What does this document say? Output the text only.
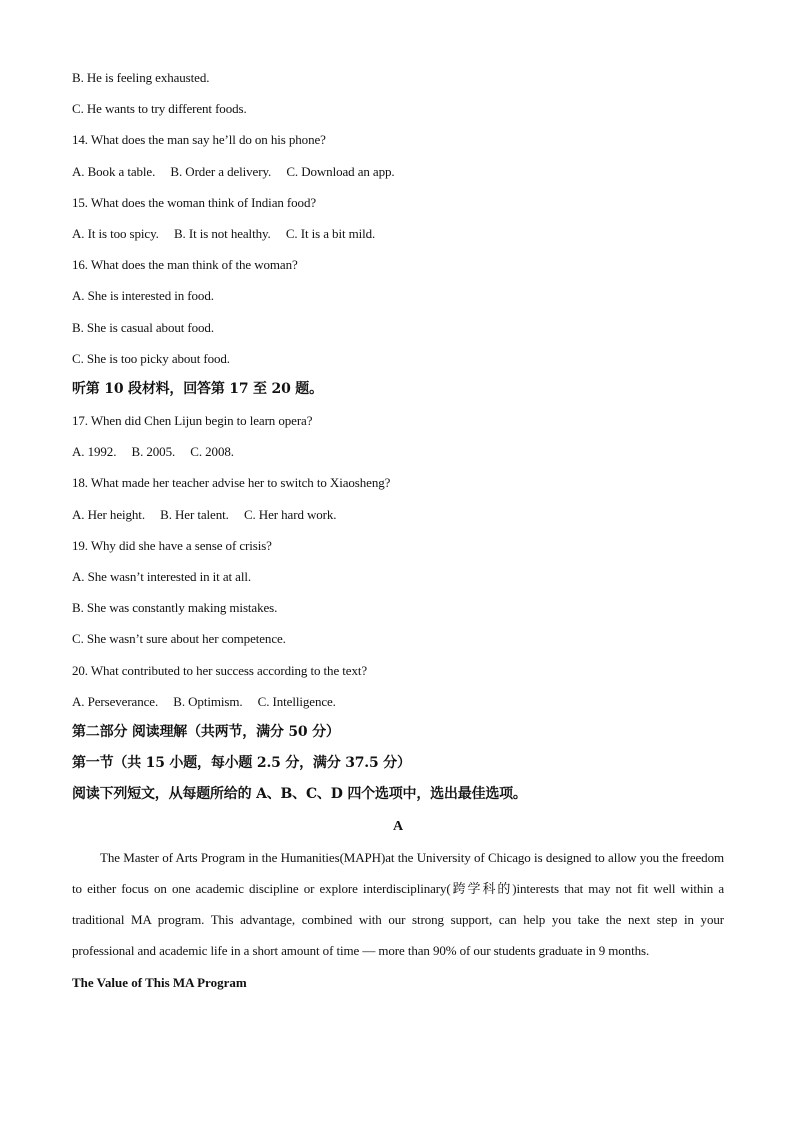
B. He is feeling exhausted.
C. He wants to try different foods.
14. What does the man say he’ll do on his phone?
A. Book a table. B. Order a delivery. C. Download an app.
15. What does the woman think of Indian food?
A. It is too spicy. B. It is not healthy. C. It is a bit mild.
16. What does the man think of the woman?
A. She is interested in food.
B. She is casual about food.
C. She is too picky about food.
听第 10 段材料，回答第 17 至 20 题。
17. When did Chen Lijun begin to learn opera?
A. 1992. B. 2005. C. 2008.
18. What made her teacher advise her to switch to Xiaosheng?
A. Her height. B. Her talent. C. Her hard work.
19. Why did she have a sense of crisis?
A. She wasn’t interested in it at all.
B. She was constantly making mistakes.
C. She wasn’t sure about her competence.
20. What contributed to her success according to the text?
A. Perseverance. B. Optimism. C. Intelligence.
第二部分 阅读理解（共两节，满分 50 分）
第一节（共 15 小题，每小题 2.5 分，满分 37.5 分）
阅读下列短文，从每题所给的 A、B、C、D 四个选项中，选出最佳选项。
A

The Master of Arts Program in the Humanities(MAPH)at the University of Chicago is designed to allow you the freedom to either focus on one academic discipline or explore interdisciplinary(跨学科的)interests that may not fit well within a traditional MA program. This advantage, combined with our strong support, can help you take the next step in your professional and academic life in a short amount of time — more than 90% of our students graduate in 9 months.

The Value of This MA Program
